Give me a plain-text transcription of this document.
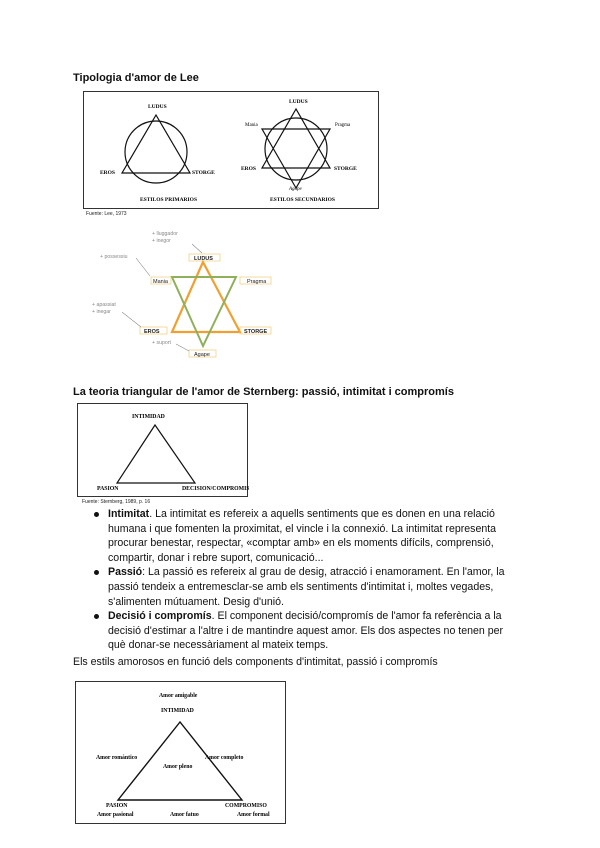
Tipologia d'amor de Lee
LUDUS
EROS	STORGE
ESTILOS PRIMARIOS
LUDUS
Mania	Pragma
EROS	STORGE
Agape
ESTILOS SECUNDARIOS
Fuente: Lee, 1973
LUDUS
Mania	Pragma
EROS	STORGE
Agape
+ lluggador
+ inegor
+ possessiu
+ apassiat
+ inegar
+ suport
La teoria triangular de l'amor de Sternberg: passió, intimitat i compromís
INTIMIDAD
PASION	DECISION/COMPROMISO
Fuente: Sternberg, 1989, p. 16
Intimitat. La intimitat es refereix a aquells sentiments que es donen en una relació humana i que fomenten la proximitat, el vincle i la connexió. La intimitat representa procurar benestar, respectar, «comptar amb» en els moments difícils, comprensió, compartir, donar i rebre suport, comunicació...
Passió: La passió es refereix al grau de desig, atracció i enamorament. En l'amor, la passió tendeix a entremesclar-se amb els sentiments d'intimitat i, moltes vegades, s'alimenten mútuament. Desig d'unió.
Decisió i compromís. El component decisió/compromís de l'amor fa referència a la decisió d'estimar a l'altre i de mantindre aquest amor. Els dos aspectes no tenen per què donar-se necessàriament al mateix temps.
Els estils amorosos en funció dels components d'intimitat, passió i compromís
Amor amigable
INTIMIDAD
Amor romántico	Amor completo
Amor pleno
PASION	COMPROMISO
Amor pasional	Amor fatuo	Amor formal
